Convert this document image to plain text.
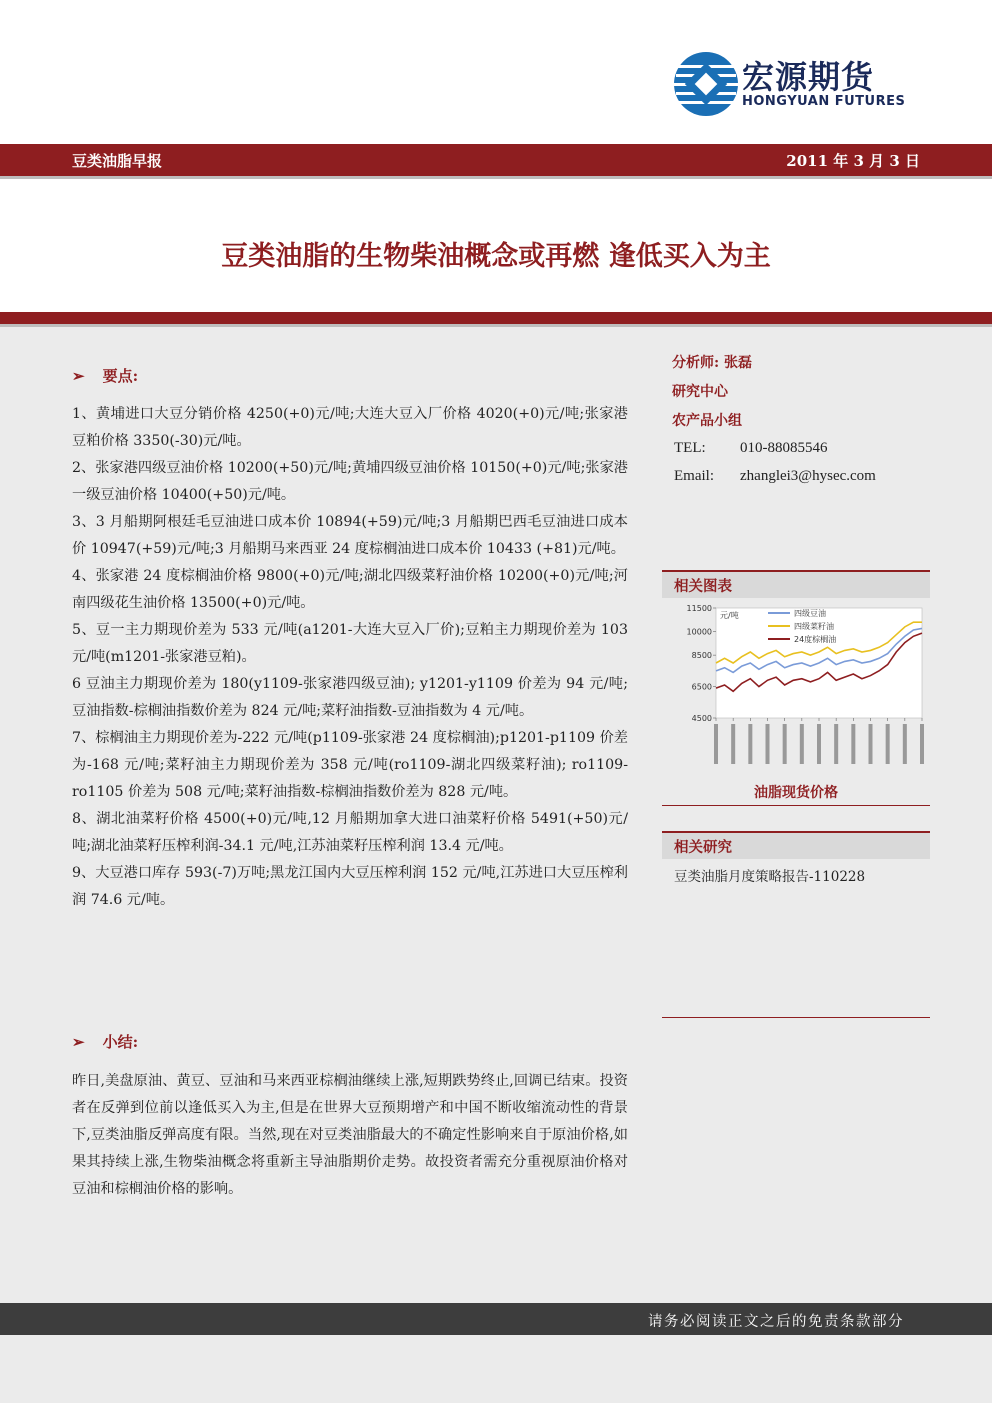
宏源期货
HONGYUAN FUTURES
豆类油脂早报	2011 年 3 月 3 日
豆类油脂的生物柴油概念或再燃 逢低买入为主
➢ 要点:
1、黄埔进口大豆分销价格 4250(+0)元/吨;大连大豆入厂价格 4020(+0)元/吨;张家港豆粕价格 3350(-30)元/吨。
2、张家港四级豆油价格 10200(+50)元/吨;黄埔四级豆油价格 10150(+0)元/吨;张家港一级豆油价格 10400(+50)元/吨。
3、3 月船期阿根廷毛豆油进口成本价 10894(+59)元/吨;3 月船期巴西毛豆油进口成本价 10947(+59)元/吨;3 月船期马来西亚 24 度棕榈油进口成本价 10433 (+81)元/吨。
4、张家港 24 度棕榈油价格 9800(+0)元/吨;湖北四级菜籽油价格 10200(+0)元/吨;河南四级花生油价格 13500(+0)元/吨。
5、豆一主力期现价差为 533 元/吨(a1201-大连大豆入厂价);豆粕主力期现价差为 103 元/吨(m1201-张家港豆粕)。
6 豆油主力期现价差为 180(y1109-张家港四级豆油); y1201-y1109 价差为 94 元/吨;豆油指数-棕榈油指数价差为 824 元/吨;菜籽油指数-豆油指数为 4 元/吨。
7、棕榈油主力期现价差为-222 元/吨(p1109-张家港 24 度棕榈油);p1201-p1109 价差为-168 元/吨;菜籽油主力期现价差为 358 元/吨(ro1109-湖北四级菜籽油); ro1109-ro1105 价差为 508 元/吨;菜籽油指数-棕榈油指数价差为 828 元/吨。
8、湖北油菜籽价格 4500(+0)元/吨,12 月船期加拿大进口油菜籽价格 5491(+50)元/吨;湖北油菜籽压榨利润-34.1 元/吨,江苏油菜籽压榨利润 13.4 元/吨。
9、大豆港口库存 593(-7)万吨;黑龙江国内大豆压榨利润 152 元/吨,江苏进口大豆压榨利润 74.6 元/吨。
➢ 小结:

昨日,美盘原油、黄豆、豆油和马来西亚棕榈油继续上涨,短期跌势终止,回调已结束。投资者在反弹到位前以逢低买入为主,但是在世界大豆预期增产和中国不断收缩流动性的背景下,豆类油脂反弹高度有限。当然,现在对豆类油脂最大的不确定性影响来自于原油价格,如果其持续上涨,生物柴油概念将重新主导油脂期价走势。故投资者需充分重视原油价格对豆油和棕榈油价格的影响。

分析师: 张磊
研究中心
农产品小组
TEL: 010-88085546
Email: zhanglei3@hysec.com
相关图表
11500
10000
8500
6500
4500
元/吨	四级豆油
四级菜籽油
24度棕榈油
油脂现货价格
相关研究
豆类油脂月度策略报告-110228
请务必阅读正文之后的免责条款部分
